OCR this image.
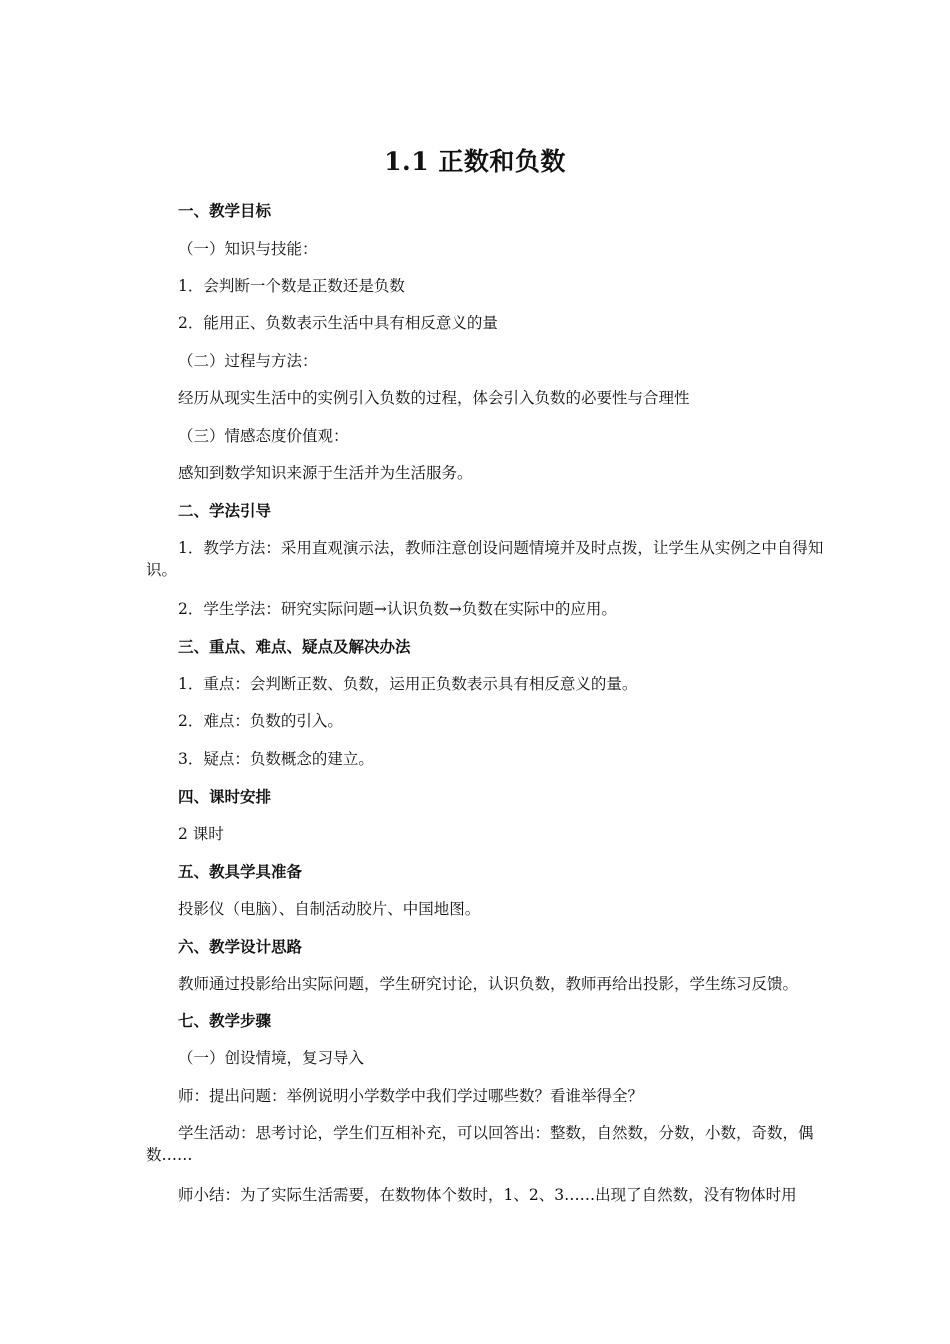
1.1 正数和负数
一、教学目标
（一）知识与技能：
1．会判断一个数是正数还是负数
2．能用正、负数表示生活中具有相反意义的量
（二）过程与方法：
经历从现实生活中的实例引入负数的过程，体会引入负数的必要性与合理性
（三）情感态度价值观：
感知到数学知识来源于生活并为生活服务。
二、学法引导
1．教学方法：采用直观演示法，教师注意创设问题情境并及时点拨，让学生从实例之中自得知识。
2．学生学法：研究实际问题→认识负数→负数在实际中的应用。
三、重点、难点、疑点及解决办法
1．重点：会判断正数、负数，运用正负数表示具有相反意义的量。
2．难点：负数的引入。
3．疑点：负数概念的建立。
四、课时安排
2 课时
五、教具学具准备
投影仪（电脑）、自制活动胶片、中国地图。
六、教学设计思路
教师通过投影给出实际问题，学生研究讨论，认识负数，教师再给出投影，学生练习反馈。
七、教学步骤
（一）创设情境，复习导入
师：提出问题：举例说明小学数学中我们学过哪些数？看谁举得全？
学生活动：思考讨论，学生们互相补充，可以回答出：整数，自然数，分数，小数，奇数，偶数……
师小结：为了实际生活需要，在数物体个数时，1、2、3……出现了自然数，没有物体时用
